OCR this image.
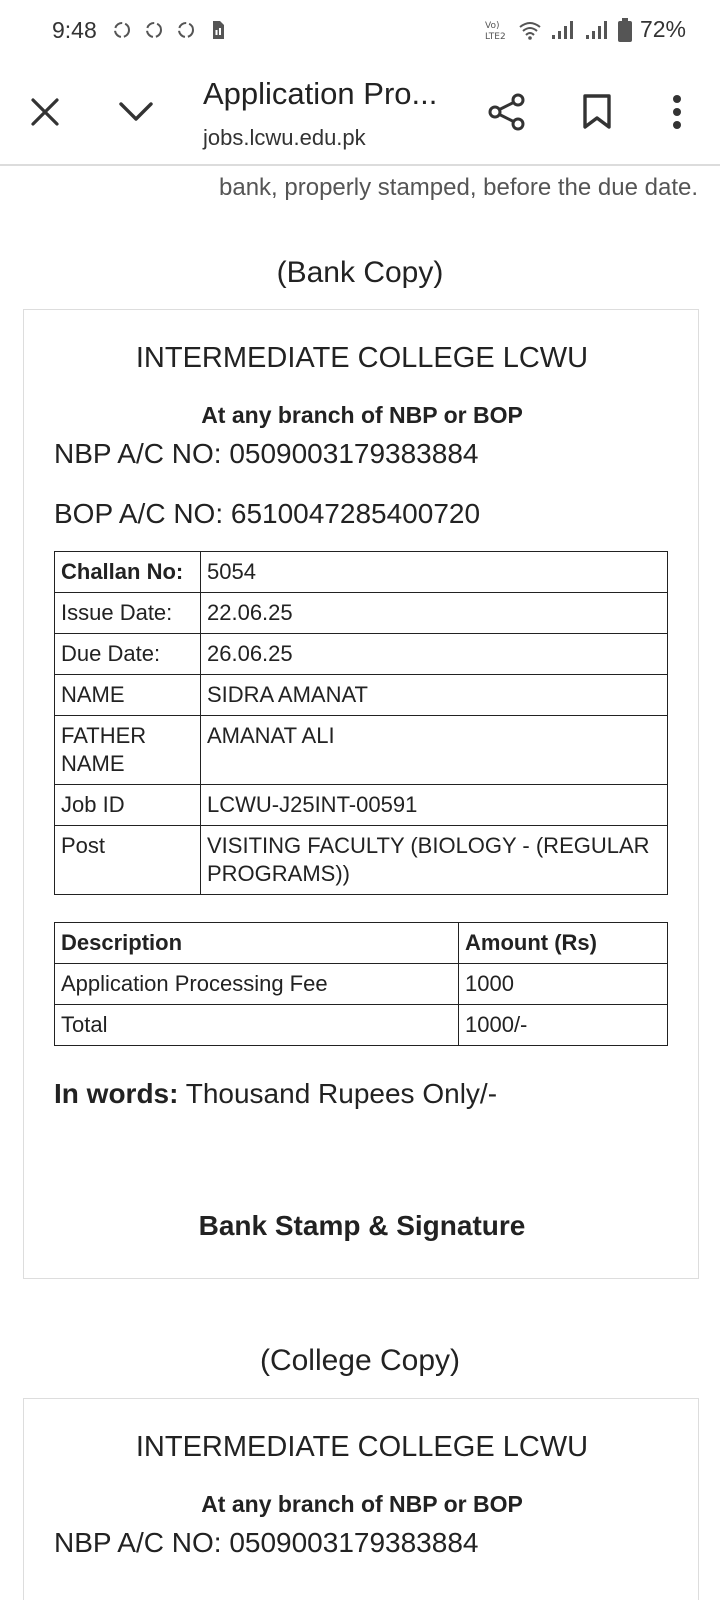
9:48	Vo)
LTE2	72%
Application Pro...
jobs.lcwu.edu.pk
bank, properly stamped, before the due date.
(Bank Copy)
INTERMEDIATE COLLEGE LCWU
At any branch of NBP or BOP
NBP A/C NO: 0509003179383884
BOP A/C NO: 6510047285400720
Challan No:	5054
Issue Date:	22.06.25
Due Date:	26.06.25
NAME	SIDRA AMANAT
FATHER NAME	AMANAT ALI
Job ID	LCWU-J25INT-00591
Post	VISITING FACULTY (BIOLOGY - (REGULAR PROGRAMS))
Description	Amount (Rs)
Application Processing Fee	1000
Total	1000/-
In words: Thousand Rupees Only/-
Bank Stamp & Signature
(College Copy)
INTERMEDIATE COLLEGE LCWU
At any branch of NBP or BOP
NBP A/C NO: 0509003179383884
